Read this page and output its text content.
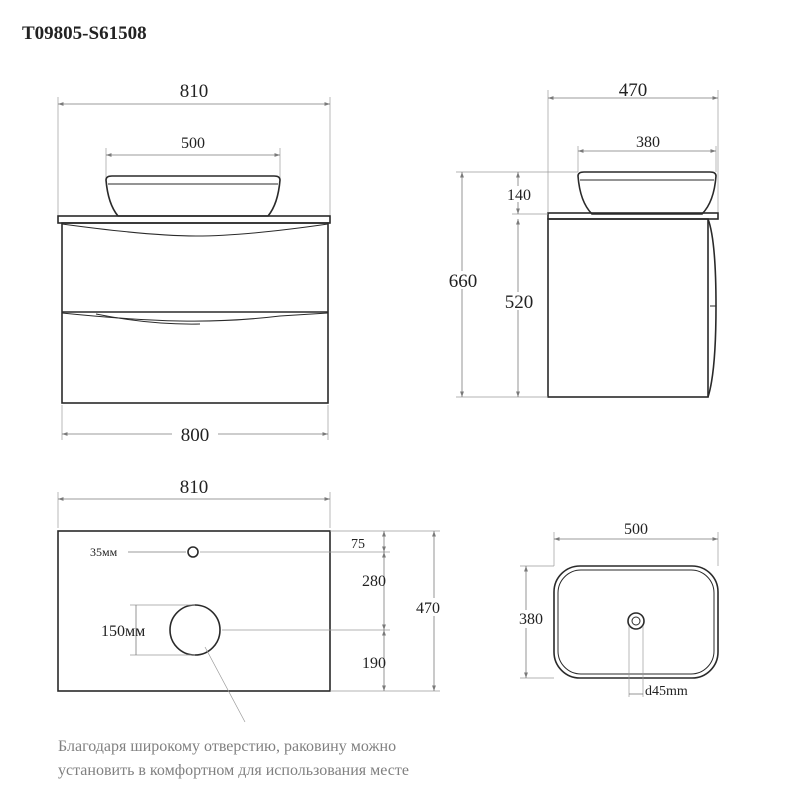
T09805-S61508
810
500
800
470
380
660
140
520
810
35мм
150мм
75
280
190
470
500
380
d45mm
Благодаря широкому отверстию, раковину можно
установить в комфортном для использования месте
